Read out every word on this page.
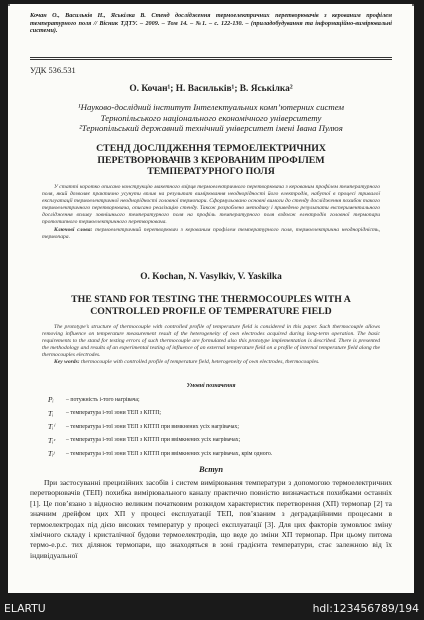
Кочан О., Васильків Н., Яськілка В. Стенд дослідження термоелектричних перетворювачів з керованим профілем температурного поля // Вісник ТДТУ. – 2009. – Том 14. – №1. – с. 122-130. – (приладобудування та інформаційно-вимірювальні системи).
УДК 536.531
О. Кочан¹; Н. Васильків¹; В. Яськілка²
¹Науково-дослідний інститут Інтелектуальних комп’ютерних систем
Тернопільського національного економічного університету
²Тернопільський державний технічний університет імені Івана Пулюя
СТЕНД ДОСЛІДЖЕННЯ ТЕРМОЕЛЕКТРИЧНИХ
ПЕРЕТВОРЮВАЧІВ З КЕРОВАНИМ ПРОФІЛЕМ
ТЕМПЕРАТУРНОГО ПОЛЯ
У статті коротко описано конструкцію макетного взірця термоелектричного перетворювача з керованим профілем температурного поля, який дозволяє практично усунути вплив на результат вимірювання неоднорідності його електродів, набутої в процесі тривалої експлуатації термоелектричної неоднорідності головної термопари. Сформульовано основні вимоги до стенду дослідження похибок такого термоелектричного перетворювача, описано реалізацію стенду. Також розроблено методику і приведено результати експериментального дослідження впливу зовнішнього температурного поля на профіль температурного поля вздовж електродів головної термопари прототипного термоелектричного перетворювача.
Ключові слова: термоелектричний перетворювач з керованим профілем температурного поля, термоелектрична неоднорідність, термопара.
O. Kochan, N. Vasylkiv, V. Yaskilka
THE STAND FOR TESTING THE THERMOCOUPLES WITH A
CONTROLLED PROFILE OF TEMPERATURE FIELD
The prototype’s structure of thermocouple with controlled profile of temperature field is considered in this paper. Such thermocouple allows removing influence on temperature measurement result of the heterogeneity of own electrodes acquired during long-term operation. The basic requirements to the stand for testing errors of such thermocouple are formulated also this prototype implementation is described. There is presented the methodology and results of an experimental testing of influence of an external temperature field on a profile of internal temperature field along the thermocouples electrodes.
Key words: thermocouple with controlled profile of temperature field, heterogeneity of own electrodes, thermocouples.
Умовні позначення
Pᵢ	– потужність i-того нагрівача;
Tᵢ	– температура i-тої зони ТЕП з КПТП;
Tᵢⁱ	– температура i-тої зони ТЕП з КПТП при вимкнених усіх нагрівачах;
Tᵢᶜ	– температура i-тої зони ТЕП з КПТП при ввімкнених усіх нагрівачах;
Tᵢʲ	– температура i-тої зони ТЕП з КПТП при ввімкнених усіх нагрівачах, крім одного.
Вступ

При застосуванні прецизійних засобів і систем вимірювання температури з допомогою термоелектричних перетворювачів (ТЕП) похибка вимірювального каналу практично повністю визначається похибками останніх [1]. Це пов’язано з відносно великим початковим розкидом характеристик перетворення (ХП) термопар [2] та значним дрейфом цих ХП у процесі експлуатації ТЕП, пов’язаним з деградаційними процесами в термоелектродах під дією високих температур у процесі експлуатації [3]. Для цих факторів зумовлює зміну хімічного складу і кристалічної будови термоелектродів, що веде до зміни ХП термопар. При цьому питома термо-е.р.с. тих ділянок термопари, що знаходяться в зоні градієнта температури, стає залежною від їх індивідуальної

ELARTU	hdl:123456789/194
